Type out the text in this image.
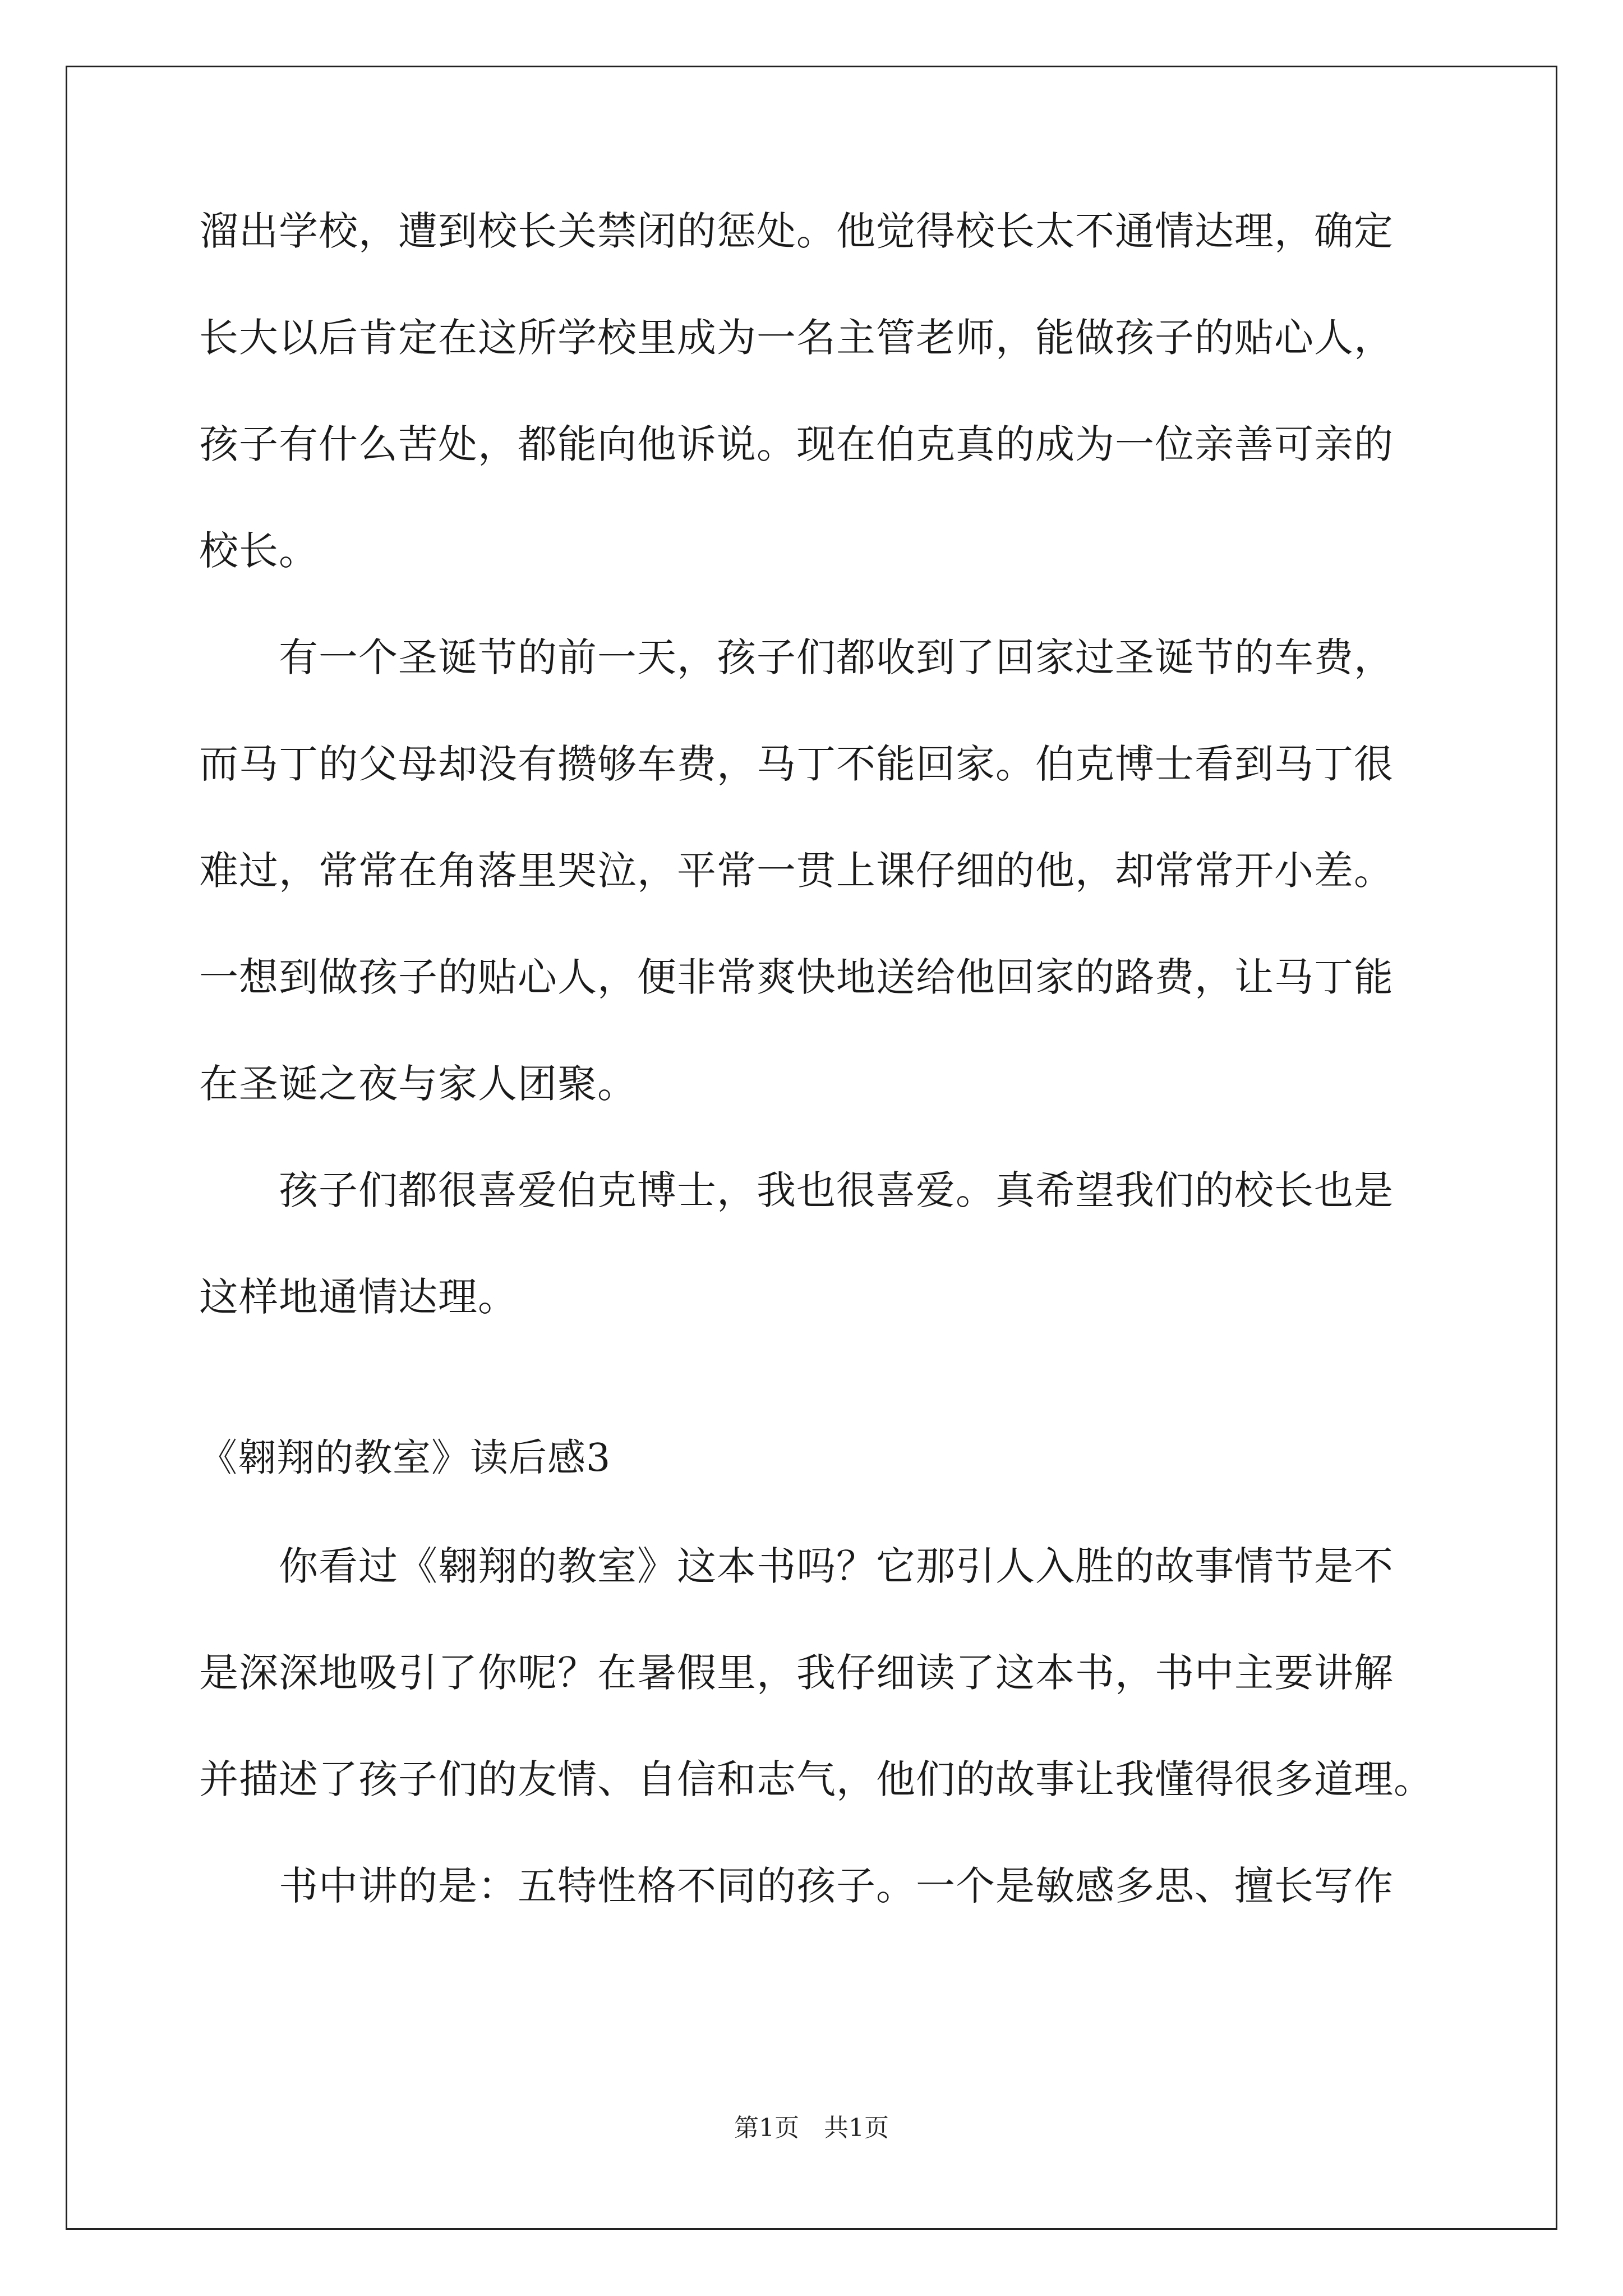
溜出学校，遭到校长关禁闭的惩处。他觉得校长太不通情达理，确定
长大以后肯定在这所学校里成为一名主管老师，能做孩子的贴心人，
孩子有什么苦处，都能向他诉说。现在伯克真的成为一位亲善可亲的
校长。
有一个圣诞节的前一天，孩子们都收到了回家过圣诞节的车费，
而马丁的父母却没有攒够车费，马丁不能回家。伯克博士看到马丁很
难过，常常在角落里哭泣，平常一贯上课仔细的他，却常常开小差。
一想到做孩子的贴心人，便非常爽快地送给他回家的路费，让马丁能
在圣诞之夜与家人团聚。
孩子们都很喜爱伯克博士，我也很喜爱。真希望我们的校长也是
这样地通情达理。
《翱翔的教室》读后感3
你看过《翱翔的教室》这本书吗？它那引人入胜的故事情节是不
是深深地吸引了你呢？在暑假里，我仔细读了这本书，书中主要讲解
并描述了孩子们的友情、自信和志气，他们的故事让我懂得很多道理。
书中讲的是：五特性格不同的孩子。一个是敏感多思、擅长写作
第1页　共1页
